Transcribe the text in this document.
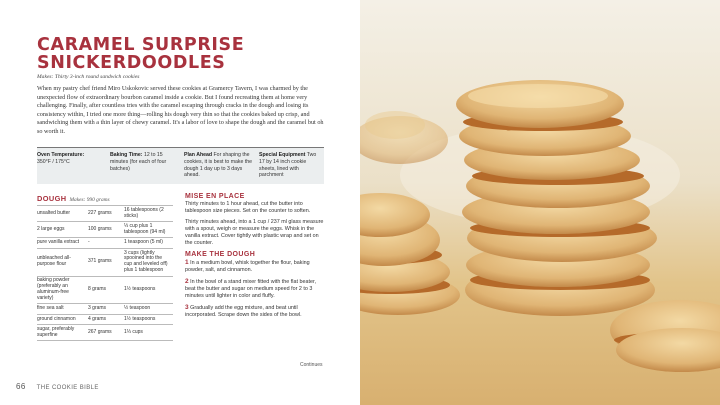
CARAMEL SURPRISE
SNICKERDOODLES
Makes: Thirty 3-inch round sandwich cookies

When my pastry chef friend Miro Uskokovic served these cookies at Gramercy Tavern, I was charmed by the unexpected flow of extraordinary bourbon caramel inside a cookie. But I found recreating them at home very challenging. Finally, after countless tries with the caramel escaping through cracks in the dough and losing its consistency within, I tried one more thing—rolling his dough very thin so that the cookies baked up crisp, and sandwiching them with a thin layer of chewy caramel. It's a labor of love to shape the dough and the caramel but oh so worth it.

Oven Temperature:
350°F / 175°C
Baking Time: 12 to 15 minutes (for each of four batches)
Plan Ahead For shaping the cookies, it is best to make the dough 1 day up to 3 days ahead.
Special Equipment Two 17 by 14 inch cookie sheets, lined with parchment
DOUGH Makes: 990 grams
unsalted butter	227 grams	16 tablespoons (2 sticks)
2 large eggs	100 grams	⅓ cup plus 1 tablespoon (94 ml)
pure vanilla extract	-	1 teaspoon (5 ml)
unbleached all-purpose flour	371 grams	3 cups (lightly spooined into the cup and leveled off) plus 1 tablespoon
baking powder (preferably an aluminum-free variety)	8 grams	1½ teaspoons
fine sea salt	3 grams	½ teaspoon
ground cinnamon	4 grams	1½ teaspoons
sugar, preferably superfine	267 grams	1⅓ cups
MISE EN PLACE

Thirty minutes to 1 hour ahead, cut the butter into tablespoon size pieces. Set on the counter to soften.

Thirty minutes ahead, into a 1 cup / 237 ml glass measure with a spout, weigh or measure the eggs. Whisk in the vanilla extract. Cover tightly with plastic wrap and set on the counter.

MAKE THE DOUGH

1 In a medium bowl, whisk together the flour, baking powder, salt, and cinnamon.

2 In the bowl of a stand mixer fitted with the flat beater, beat the butter and sugar on medium speed for 2 to 3 minutes until lighter in color and fluffy.

3 Gradually add the egg mixture, and beat until incorporated. Scrape down the sides of the bowl.

Continues
66 THE COOKIE BIBLE
